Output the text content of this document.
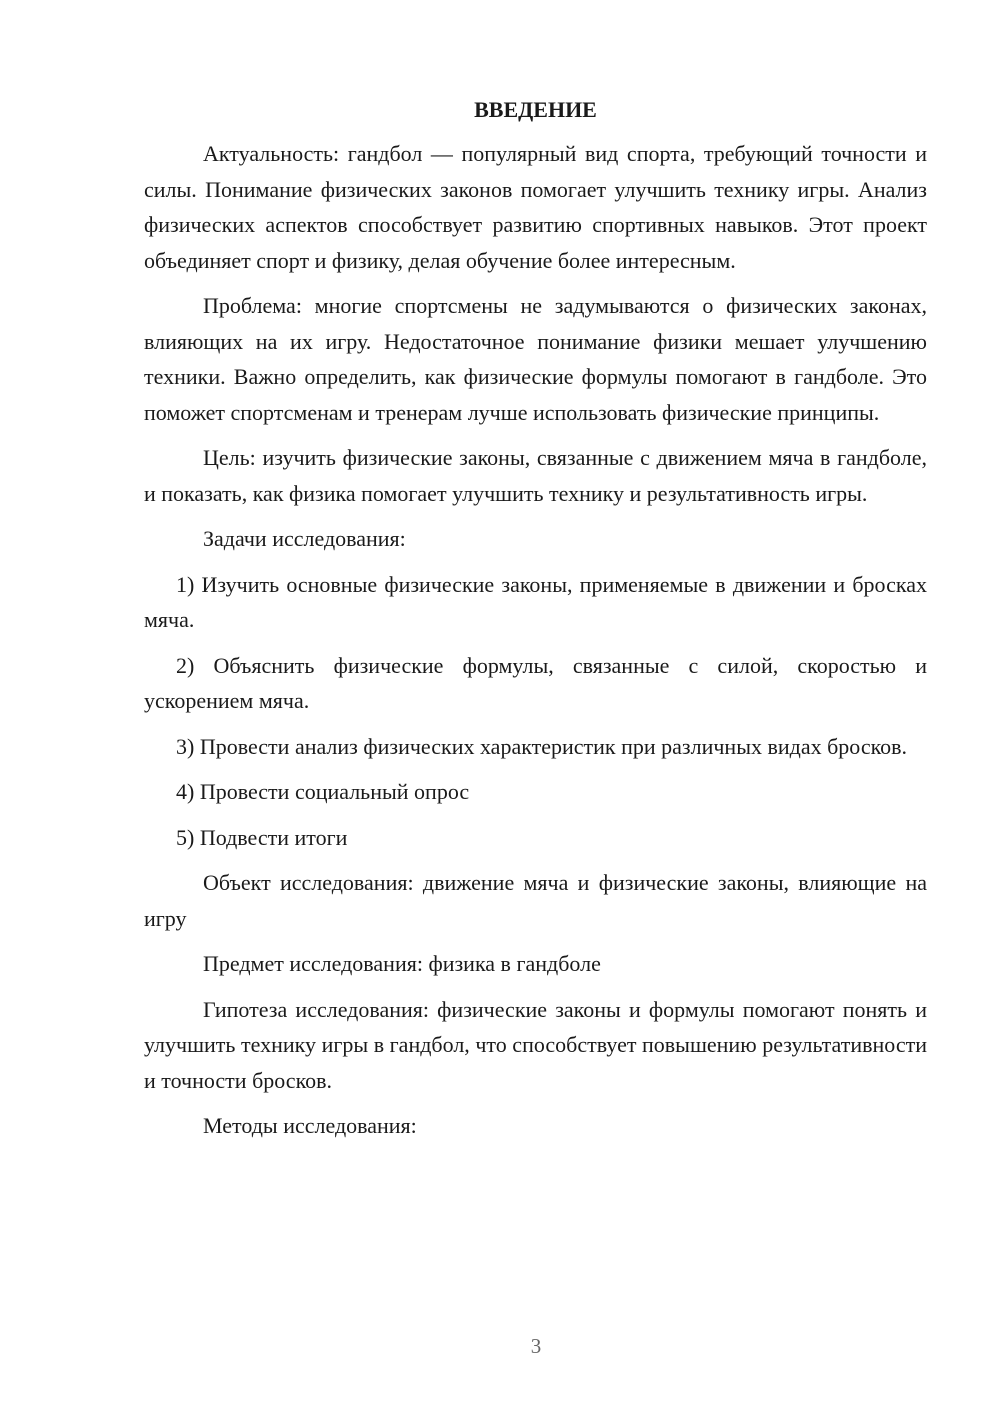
ВВЕДЕНИЕ

Актуальность: гандбол — популярный вид спорта, требующий точности и силы. Понимание физических законов помогает улучшить технику игры. Анализ физических аспектов способствует развитию спортивных навыков. Этот проект объединяет спорт и физику, делая обучение более интересным.

Проблема: многие спортсмены не задумываются о физических законах, влияющих на их игру. Недостаточное понимание физики мешает улучшению техники. Важно определить, как физические формулы помогают в гандболе. Это поможет спортсменам и тренерам лучше использовать физические принципы.

Цель: изучить физические законы, связанные с движением мяча в гандболе, и показать, как физика помогает улучшить технику и результативность игры.

Задачи исследования:

1) Изучить основные физические законы, применяемые в движении и бросках мяча.

2) Объяснить физические формулы, связанные с силой, скоростью и ускорением мяча.

3) Провести анализ физических характеристик при различных видах бросков.

4) Провести социальный опрос

5) Подвести итоги

Объект исследования: движение мяча и физические законы, влияющие на игру

Предмет исследования: физика в гандболе

Гипотеза исследования: физические законы и формулы помогают понять и улучшить технику игры в гандбол, что способствует повышению результативности и точности бросков.

Методы исследования:

3
